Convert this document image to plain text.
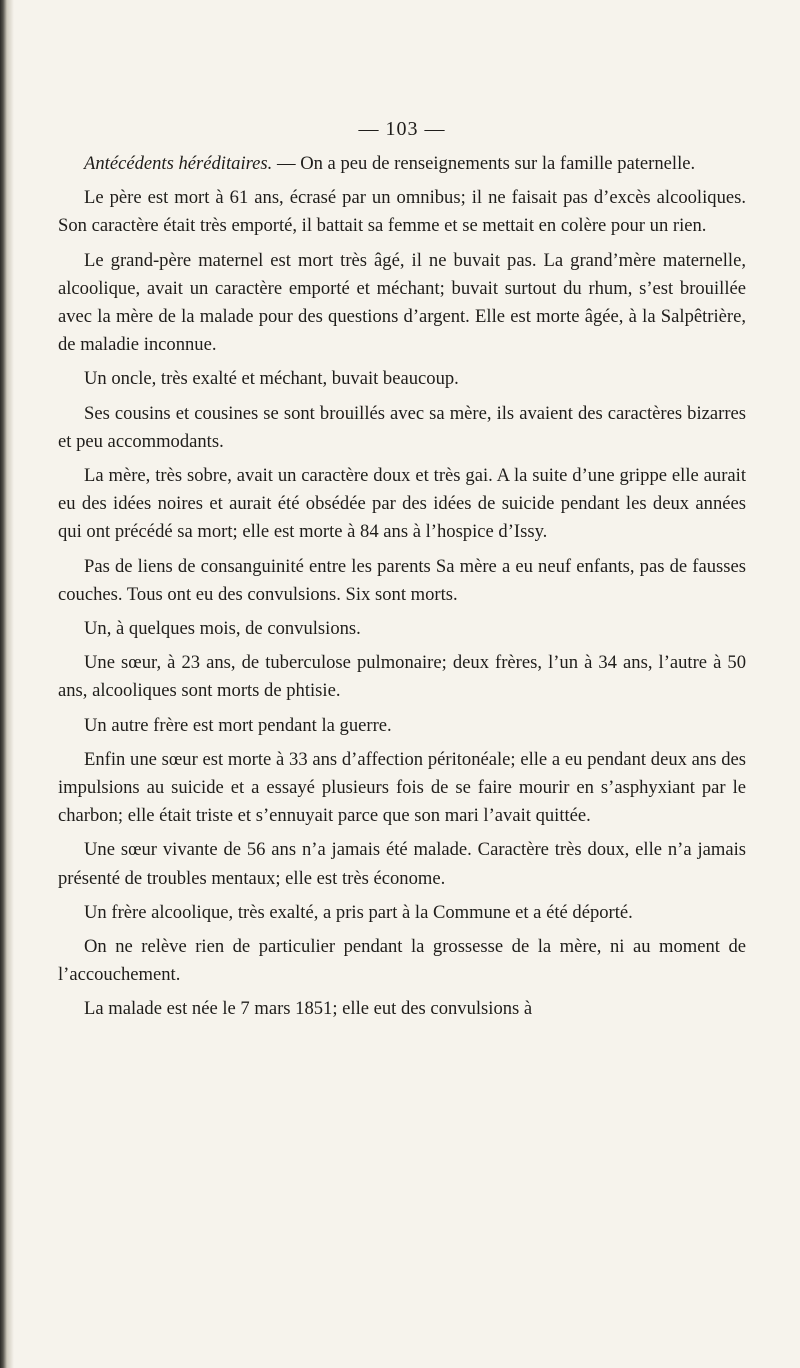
— 103 —

Antécédents héréditaires. — On a peu de renseignements sur la famille paternelle.

Le père est mort à 61 ans, écrasé par un omnibus; il ne faisait pas d’excès alcooliques. Son caractère était très emporté, il battait sa femme et se mettait en colère pour un rien.

Le grand-père maternel est mort très âgé, il ne buvait pas. La grand’mère maternelle, alcoolique, avait un caractère emporté et méchant; buvait surtout du rhum, s’est brouillée avec la mère de la malade pour des questions d’argent. Elle est morte âgée, à la Salpêtrière, de maladie inconnue.

Un oncle, très exalté et méchant, buvait beaucoup.

Ses cousins et cousines se sont brouillés avec sa mère, ils avaient des caractères bizarres et peu accommodants.

La mère, très sobre, avait un caractère doux et très gai. A la suite d’une grippe elle aurait eu des idées noires et aurait été obsédée par des idées de suicide pendant les deux années qui ont précédé sa mort; elle est morte à 84 ans à l’hospice d’Issy.

Pas de liens de consanguinité entre les parents Sa mère a eu neuf enfants, pas de fausses couches. Tous ont eu des convulsions. Six sont morts.

Un, à quelques mois, de convulsions.

Une sœur, à 23 ans, de tuberculose pulmonaire; deux frères, l’un à 34 ans, l’autre à 50 ans, alcooliques sont morts de phtisie.

Un autre frère est mort pendant la guerre.

Enfin une sœur est morte à 33 ans d’affection péritonéale; elle a eu pendant deux ans des impulsions au suicide et a essayé plusieurs fois de se faire mourir en s’asphyxiant par le charbon; elle était triste et s’ennuyait parce que son mari l’avait quittée.

Une sœur vivante de 56 ans n’a jamais été malade. Caractère très doux, elle n’a jamais présenté de troubles mentaux; elle est très économe.

Un frère alcoolique, très exalté, a pris part à la Commune et a été déporté.

On ne relève rien de particulier pendant la grossesse de la mère, ni au moment de l’accouchement.

La malade est née le 7 mars 1851; elle eut des convulsions à
